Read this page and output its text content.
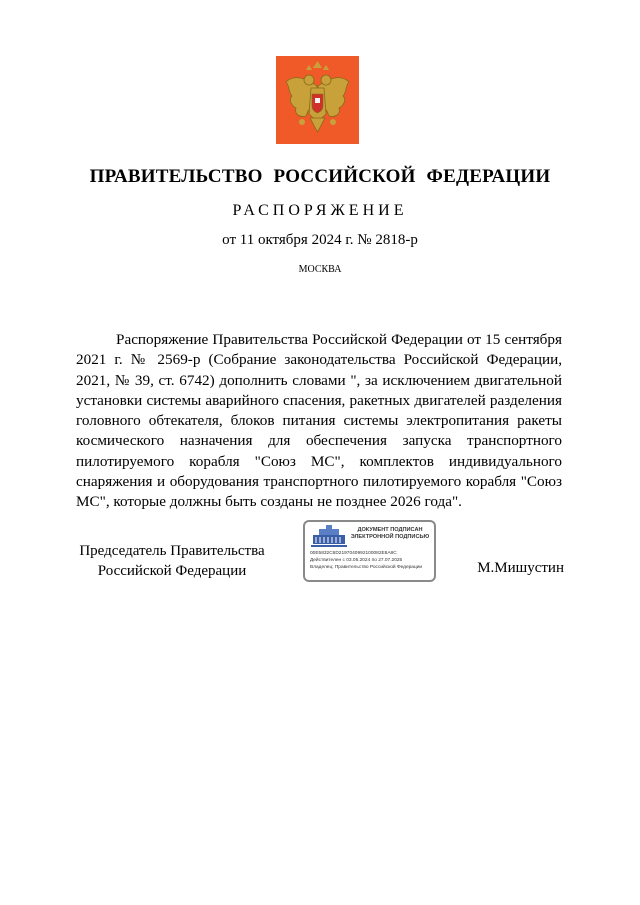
ПРАВИТЕЛЬСТВО РОССИЙСКОЙ ФЕДЕРАЦИИ
РАСПОРЯЖЕНИЕ
от 11 октября 2024 г. № 2818-р
МОСКВА
Распоряжение Правительства Российской Федерации от 15 сентября 2021 г. № 2569-р (Собрание законодательства Российской Федерации, 2021, № 39, ст. 6742) дополнить словами ", за исключением двигательной установки системы аварийного спасения, ракетных двигателей разделения головного обтекателя, блоков питания системы электропитания ракеты космического назначения для обеспечения запуска транспортного пилотируемого корабля "Союз МС", комплектов индивидуального снаряжения и оборудования транспортного пилотируемого корабля "Союз МС", которые должны быть созданы не позднее 2026 года".
Председатель Правительства
Российской Федерации
ДОКУМЕНТ ПОДПИСАН
ЭЛЕКТРОННОЙ ПОДПИСЬЮ
00E5832C6D2197040992100082E8A8C
Действителен с 03.05.2024 по 27.07.2025
Владелец: Правительство Российской Федерации	М.Мишустин
